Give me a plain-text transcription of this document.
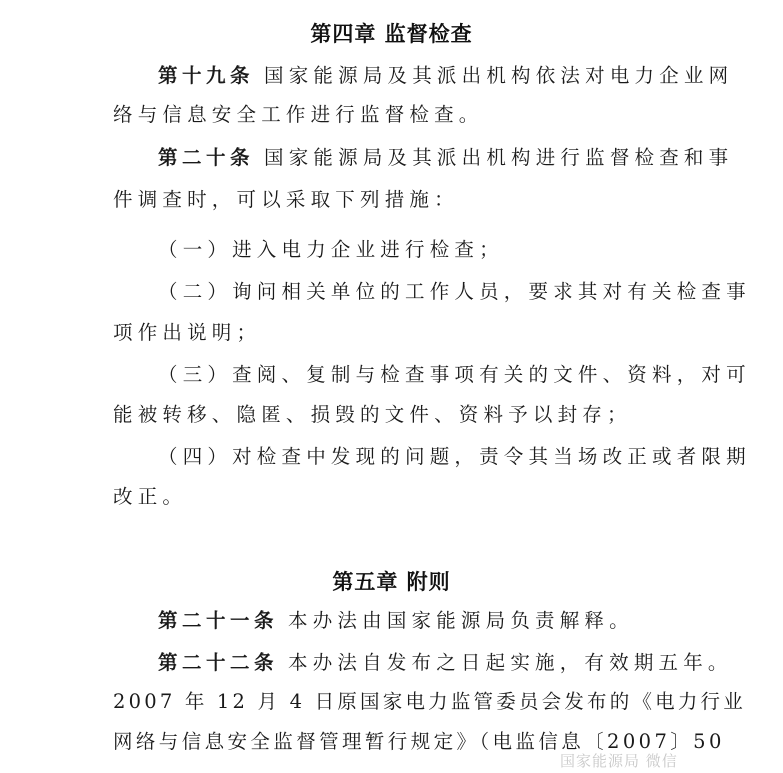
第四章 监督检查
第十九条 国家能源局及其派出机构依法对电力企业网
络与信息安全工作进行监督检查。
第二十条 国家能源局及其派出机构进行监督检查和事
件调查时，可以采取下列措施：
（一）进入电力企业进行检查；
（二）询问相关单位的工作人员，要求其对有关检查事
项作出说明；
（三）查阅、复制与检查事项有关的文件、资料，对可
能被转移、隐匿、损毁的文件、资料予以封存；
（四）对检查中发现的问题，责令其当场改正或者限期
改正。
第五章 附则
第二十一条 本办法由国家能源局负责解释。
第二十二条 本办法自发布之日起实施，有效期五年。
2007 年 12 月 4 日原国家电力监管委员会发布的《电力行业
网络与信息安全监督管理暂行规定》（电监信息〔2007〕50
国家能源局 微信
